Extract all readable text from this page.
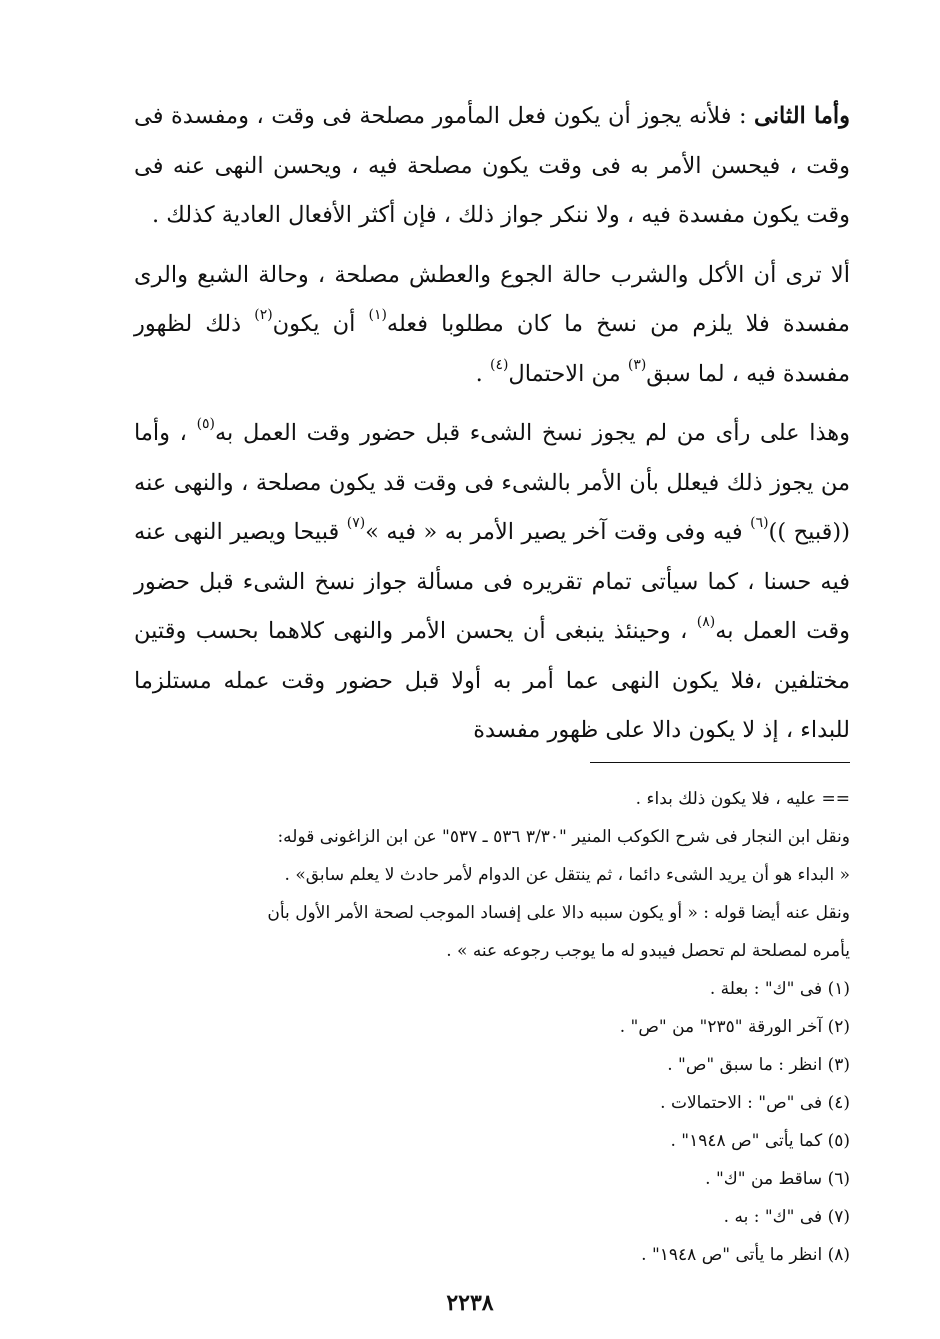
وأما الثانى : فلأنه يجوز أن يكون فعل المأمور مصلحة فى وقت ، ومفسدة فى وقت ، فيحسن الأمر به فى وقت يكون مصلحة فيه ، ويحسن النهى عنه فى وقت يكون مفسدة فيه ، ولا ننكر جواز ذلك ، فإن أكثر الأفعال العادية كذلك .

ألا ترى أن الأكل والشرب حالة الجوع والعطش مصلحة ، وحالة الشبع والرى مفسدة فلا يلزم من نسخ ما كان مطلوبا فعله$^{(١)}$ أن يكون$^{(٢)}$ ذلك لظهور مفسدة فيه ، لما سبق$^{(٣)}$ من الاحتمال$^{(٤)}$ .

وهذا على رأى من لم يجوز نسخ الشىء قبل حضور وقت العمل به$^{(٥)}$ ، وأما من يجوز ذلك فيعلل بأن الأمر بالشىء فى وقت قد يكون مصلحة ، والنهى عنه ((قبيح ))$^{(٦)}$ فيه وفى وقت آخر يصير الأمر به « فيه »$^{(٧)}$ قبيحا ويصير النهى عنه فيه حسنا ، كما سيأتى تمام تقريره فى مسألة جواز نسخ الشىء قبل حضور وقت العمل به$^{(٨)}$ ، وحينئذ ينبغى أن يحسن الأمر والنهى كلاهما بحسب وقتين مختلفين ،فلا يكون النهى عما أمر به أولا قبل حضور وقت عمله مستلزما للبداء ، إذ لا يكون دالا على ظهور مفسدة

== عليه ، فلا يكون ذلك بداء .

ونقل ابن النجار فى شرح الكوكب المنير "٣/٣٠ ٥٣٦ ـ ٥٣٧" عن ابن الزاغونى قوله:

« البداء هو أن يريد الشىء دائما ، ثم ينتقل عن الدوام لأمر حادث لا يعلم سابق» .

ونقل عنه أيضا قوله : « أو يكون سببه دالا على إفساد الموجب لصحة الأمر الأول بأن

يأمره لمصلحة لم تحصل فيبدو له ما يوجب رجوعه عنه » .

(١) فى "ك" : بعلة .

(٢) آخر الورقة "٢٣٥" من "ص" .

(٣) انظر : ما سبق "ص" .

(٤) فى "ص" : الاحتمالات .

(٥) كما يأتى "ص ١٩٤٨" .

(٦) ساقط من "ك" .

(٧) فى "ك" : به .

(٨) انظر ما يأتى "ص ١٩٤٨" .

٢٢٣٨
